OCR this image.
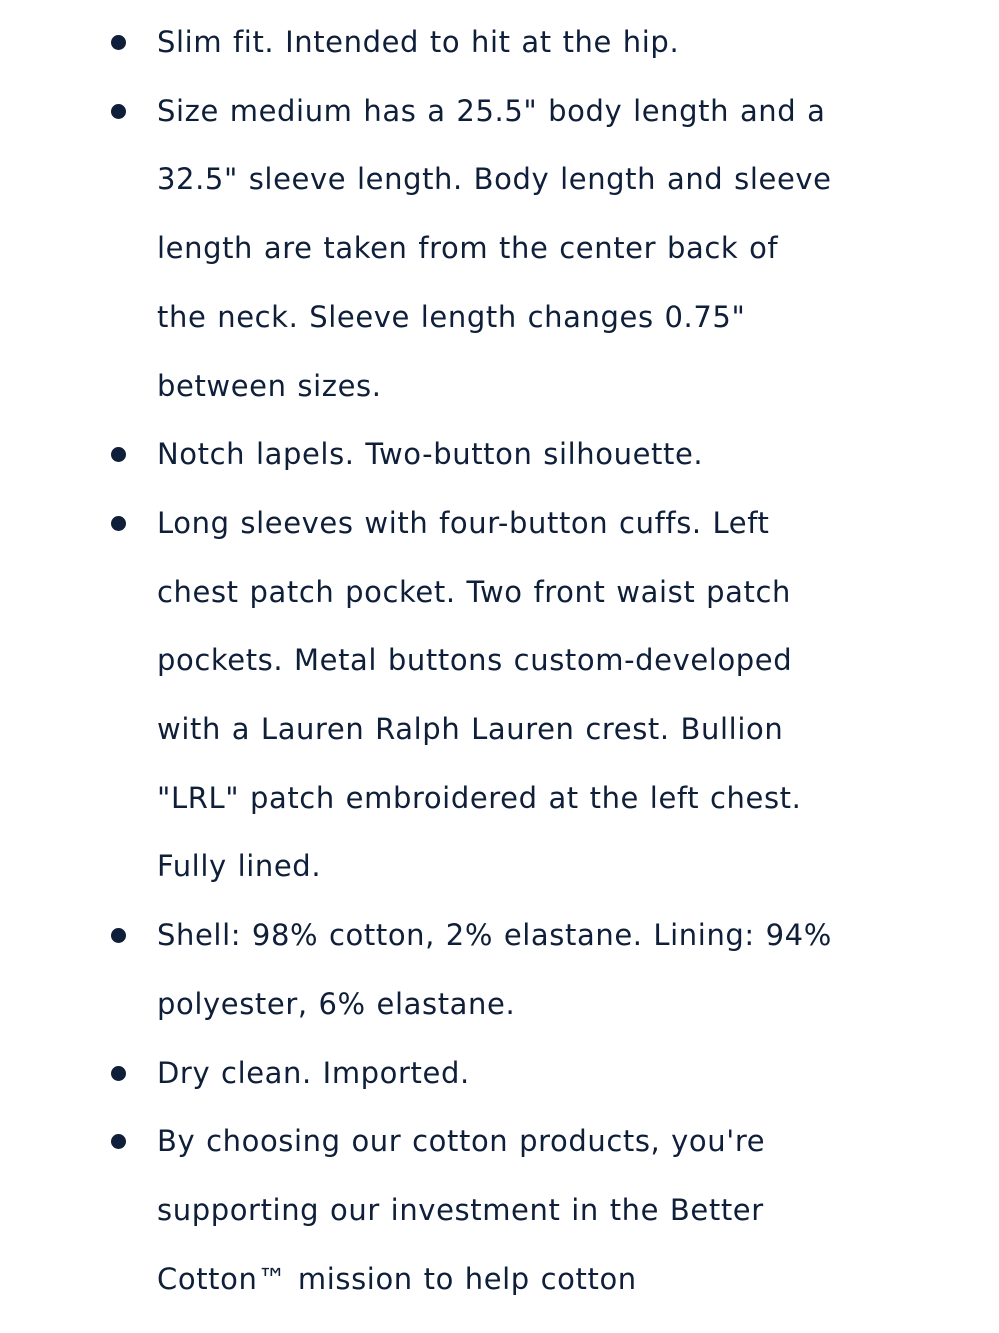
Slim fit. Intended to hit at the hip.
Size medium has a 25.5" body length and a
32.5" sleeve length. Body length and sleeve
length are taken from the center back of
the neck. Sleeve length changes 0.75"
between sizes.
Notch lapels. Two-button silhouette.
Long sleeves with four-button cuffs. Left
chest patch pocket. Two front waist patch
pockets. Metal buttons custom-developed
with a Lauren Ralph Lauren crest. Bullion
"LRL" patch embroidered at the left chest.
Fully lined.
Shell: 98% cotton, 2% elastane. Lining: 94%
polyester, 6% elastane.
Dry clean. Imported.
By choosing our cotton products, you're
supporting our investment in the Better
Cotton™ mission to help cotton
